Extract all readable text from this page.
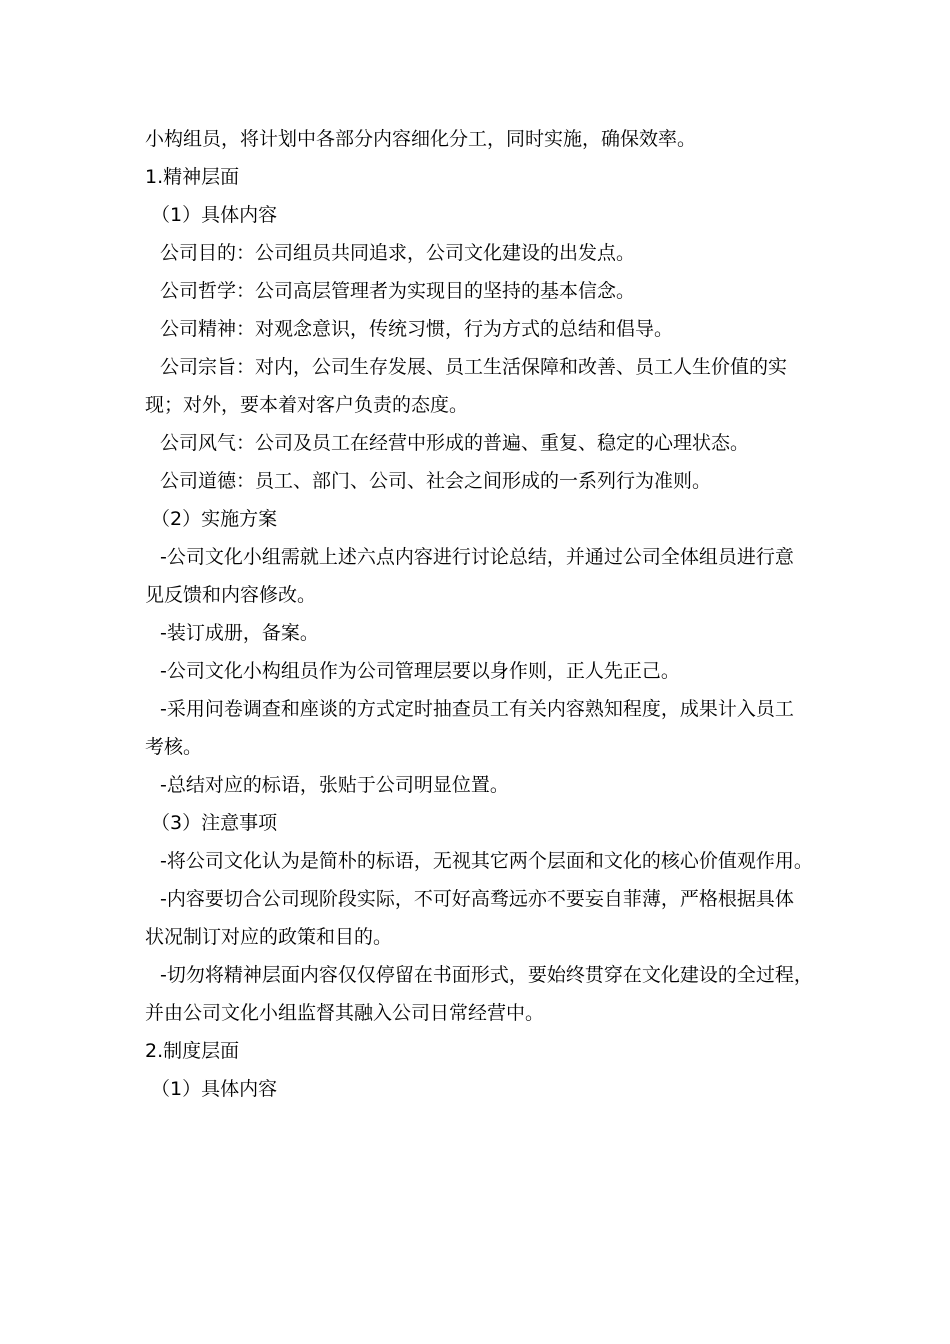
小构组员，将计划中各部分内容细化分工，同时实施，确保效率。
1.精神层面
（1）具体内容
公司目的：公司组员共同追求，公司文化建设的出发点。
公司哲学：公司高层管理者为实现目的坚持的基本信念。
公司精神：对观念意识，传统习惯，行为方式的总结和倡导。
公司宗旨：对内，公司生存发展、员工生活保障和改善、员工人生价值的实
现；对外，要本着对客户负责的态度。
公司风气：公司及员工在经营中形成的普遍、重复、稳定的心理状态。
公司道德：员工、部门、公司、社会之间形成的一系列行为准则。
（2）实施方案
-公司文化小组需就上述六点内容进行讨论总结，并通过公司全体组员进行意
见反馈和内容修改。
-装订成册，备案。
-公司文化小构组员作为公司管理层要以身作则，正人先正己。
-采用问卷调查和座谈的方式定时抽查员工有关内容熟知程度，成果计入员工
考核。
-总结对应的标语，张贴于公司明显位置。
（3）注意事项
-将公司文化认为是简朴的标语，无视其它两个层面和文化的核心价值观作用。
-内容要切合公司现阶段实际，不可好高骛远亦不要妄自菲薄，严格根据具体
状况制订对应的政策和目的。
-切勿将精神层面内容仅仅停留在书面形式，要始终贯穿在文化建设的全过程，
并由公司文化小组监督其融入公司日常经营中。
2.制度层面
（1）具体内容
